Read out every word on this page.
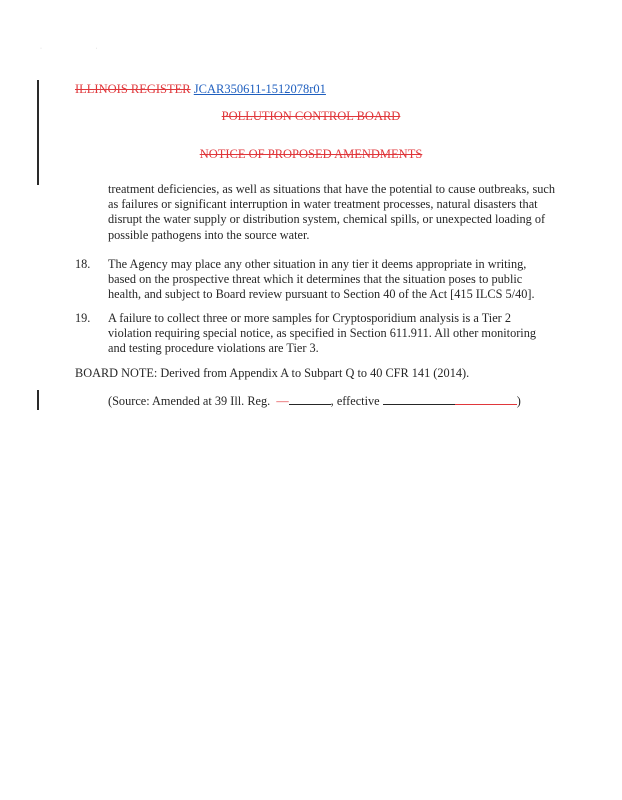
· ·
ILLINOIS REGISTER JCAR350611-1512078r01
POLLUTION CONTROL BOARD
NOTICE OF PROPOSED AMENDMENTS
treatment deficiencies, as well as situations that have the potential to cause outbreaks, such as failures or significant interruption in water treatment processes, natural disasters that disrupt the water supply or distribution system, chemical spills, or unexpected loading of possible pathogens into the source water.
18. The Agency may place any other situation in any tier it deems appropriate in writing, based on the prospective threat which it determines that the situation poses to public health, and subject to Board review pursuant to Section 40 of the Act [415 ILCS 5/40].
19. A failure to collect three or more samples for Cryptosporidium analysis is a Tier 2 violation requiring special notice, as specified in Section 611.911. All other monitoring and testing procedure violations are Tier 3.
BOARD NOTE: Derived from Appendix A to Subpart Q to 40 CFR 141 (2014).
(Source: Amended at 39 Ill. Reg.  —	, effective	)
